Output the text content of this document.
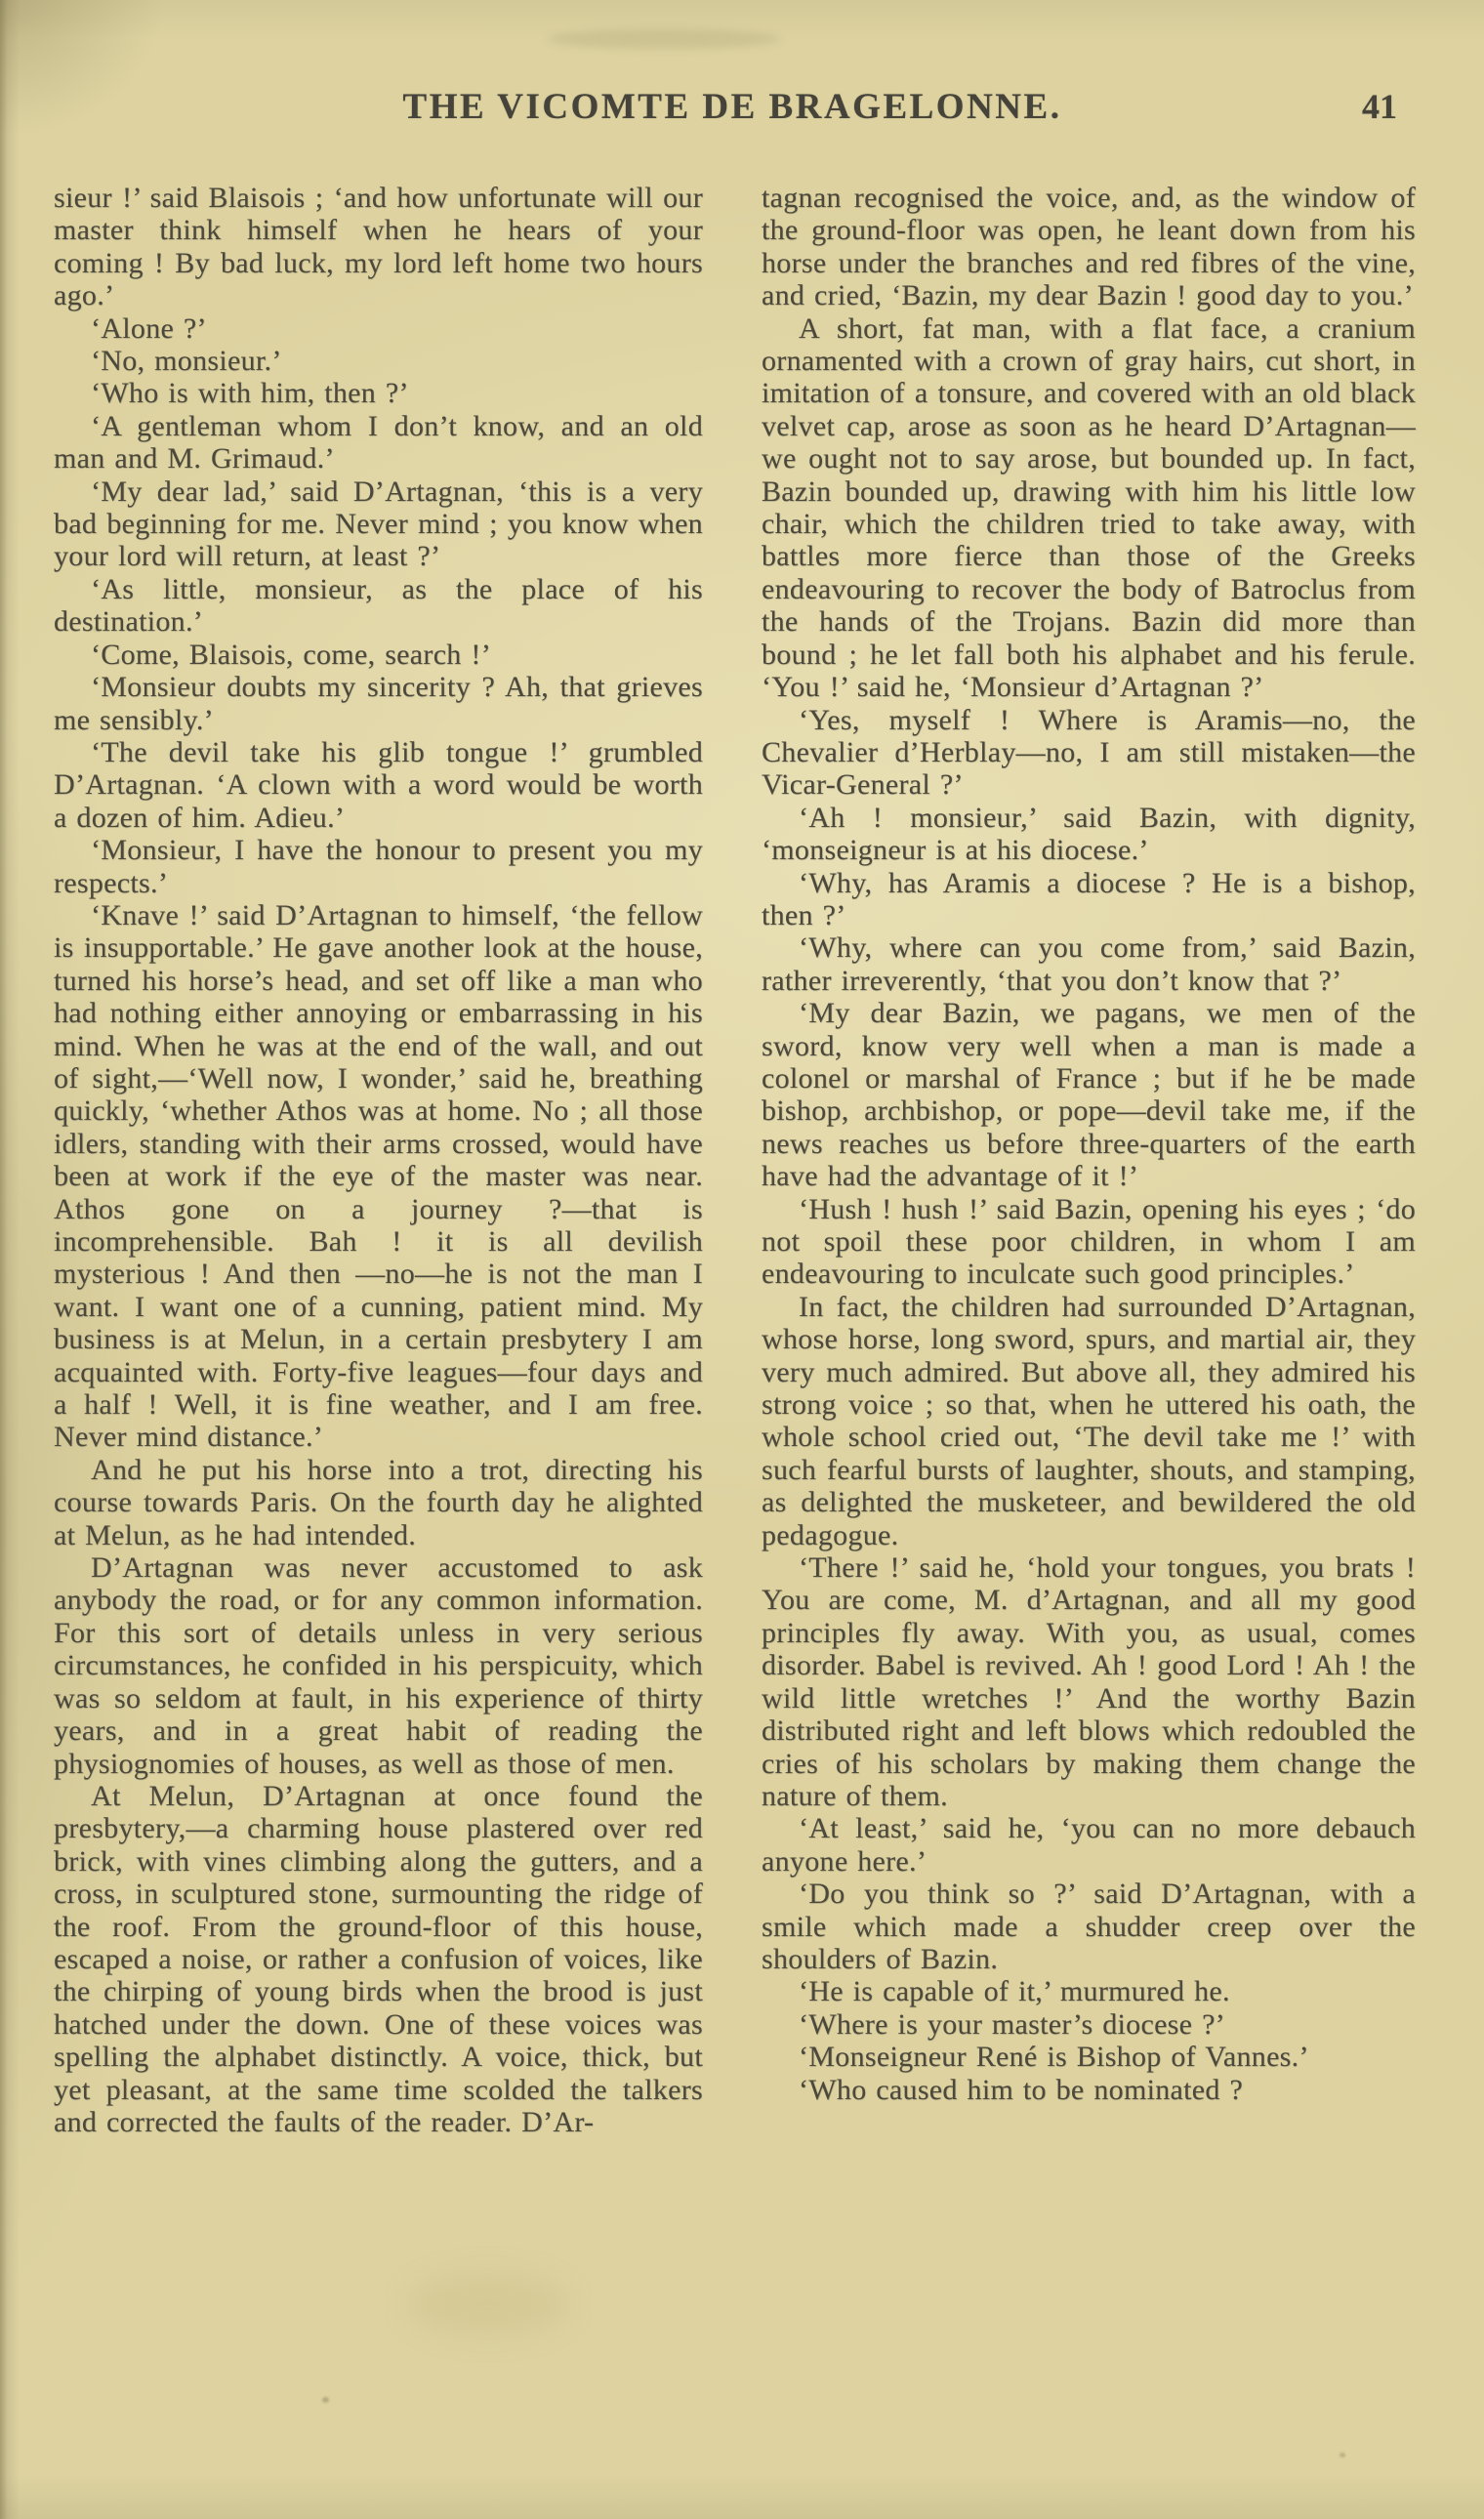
THE VICOMTE DE BRAGELONNE.	41

sieur !’ said Blaisois ; ‘and how unfortunate will our master think himself when he hears of your coming ! By bad luck, my lord left home two hours ago.’

‘Alone ?’

‘No, monsieur.’

‘Who is with him, then ?’

‘A gentleman whom I don’t know, and an old man and M. Grimaud.’

‘My dear lad,’ said D’Artagnan, ‘this is a very bad beginning for me. Never mind ; you know when your lord will return, at least ?’

‘As little, monsieur, as the place of his destination.’

‘Come, Blaisois, come, search !’

‘Monsieur doubts my sincerity ? Ah, that grieves me sensibly.’

‘The devil take his glib tongue !’ grumbled D’Artagnan. ‘A clown with a word would be worth a dozen of him. Adieu.’

‘Monsieur, I have the honour to present you my respects.’

‘Knave !’ said D’Artagnan to himself, ‘the fellow is insupportable.’ He gave another look at the house, turned his horse’s head, and set off like a man who had nothing either annoying or embarrassing in his mind. When he was at the end of the wall, and out of sight,—‘Well now, I wonder,’ said he, breathing quickly, ‘whether Athos was at home. No ; all those idlers, standing with their arms crossed, would have been at work if the eye of the master was near. Athos gone on a journey ?—that is incomprehensible. Bah ! it is all devilish mysterious ! And then —no—he is not the man I want. I want one of a cunning, patient mind. My business is at Melun, in a certain presbytery I am acquainted with. Forty-five leagues—four days and a half ! Well, it is fine weather, and I am free. Never mind distance.’

And he put his horse into a trot, directing his course towards Paris. On the fourth day he alighted at Melun, as he had intended.

D’Artagnan was never accustomed to ask anybody the road, or for any common information. For this sort of details unless in very serious circumstances, he confided in his perspicuity, which was so seldom at fault, in his experience of thirty years, and in a great habit of reading the physiognomies of houses, as well as those of men.

At Melun, D’Artagnan at once found the presbytery,—a charming house plastered over red brick, with vines climbing along the gutters, and a cross, in sculptured stone, surmounting the ridge of the roof. From the ground-floor of this house, escaped a noise, or rather a confusion of voices, like the chirping of young birds when the brood is just hatched under the down. One of these voices was spelling the alphabet distinctly. A voice, thick, but yet pleasant, at the same time scolded the talkers and corrected the faults of the reader. D’Ar-

tagnan recognised the voice, and, as the window of the ground-floor was open, he leant down from his horse under the branches and red fibres of the vine, and cried, ‘Bazin, my dear Bazin ! good day to you.’

A short, fat man, with a flat face, a cranium ornamented with a crown of gray hairs, cut short, in imitation of a tonsure, and covered with an old black velvet cap, arose as soon as he heard D’Artagnan—we ought not to say arose, but bounded up. In fact, Bazin bounded up, drawing with him his little low chair, which the children tried to take away, with battles more fierce than those of the Greeks endeavouring to recover the body of Batroclus from the hands of the Trojans. Bazin did more than bound ; he let fall both his alphabet and his ferule. ‘You !’ said he, ‘Monsieur d’Artagnan ?’

‘Yes, myself ! Where is Aramis—no, the Chevalier d’Herblay—no, I am still mistaken—the Vicar-General ?’

‘Ah ! monsieur,’ said Bazin, with dignity, ‘monseigneur is at his diocese.’

‘Why, has Aramis a diocese ? He is a bishop, then ?’

‘Why, where can you come from,’ said Bazin, rather irreverently, ‘that you don’t know that ?’

‘My dear Bazin, we pagans, we men of the sword, know very well when a man is made a colonel or marshal of France ; but if he be made bishop, archbishop, or pope—devil take me, if the news reaches us before three-quarters of the earth have had the advantage of it !’

‘Hush ! hush !’ said Bazin, opening his eyes ; ‘do not spoil these poor children, in whom I am endeavouring to inculcate such good principles.’

In fact, the children had surrounded D’Artagnan, whose horse, long sword, spurs, and martial air, they very much admired. But above all, they admired his strong voice ; so that, when he uttered his oath, the whole school cried out, ‘The devil take me !’ with such fearful bursts of laughter, shouts, and stamping, as delighted the musketeer, and bewildered the old pedagogue.

‘There !’ said he, ‘hold your tongues, you brats ! You are come, M. d’Artagnan, and all my good principles fly away. With you, as usual, comes disorder. Babel is revived. Ah ! good Lord ! Ah ! the wild little wretches !’ And the worthy Bazin distributed right and left blows which redoubled the cries of his scholars by making them change the nature of them.

‘At least,’ said he, ‘you can no more debauch anyone here.’

‘Do you think so ?’ said D’Artagnan, with a smile which made a shudder creep over the shoulders of Bazin.

‘He is capable of it,’ murmured he.

‘Where is your master’s diocese ?’

‘Monseigneur René is Bishop of Vannes.’

‘Who caused him to be nominated ?
